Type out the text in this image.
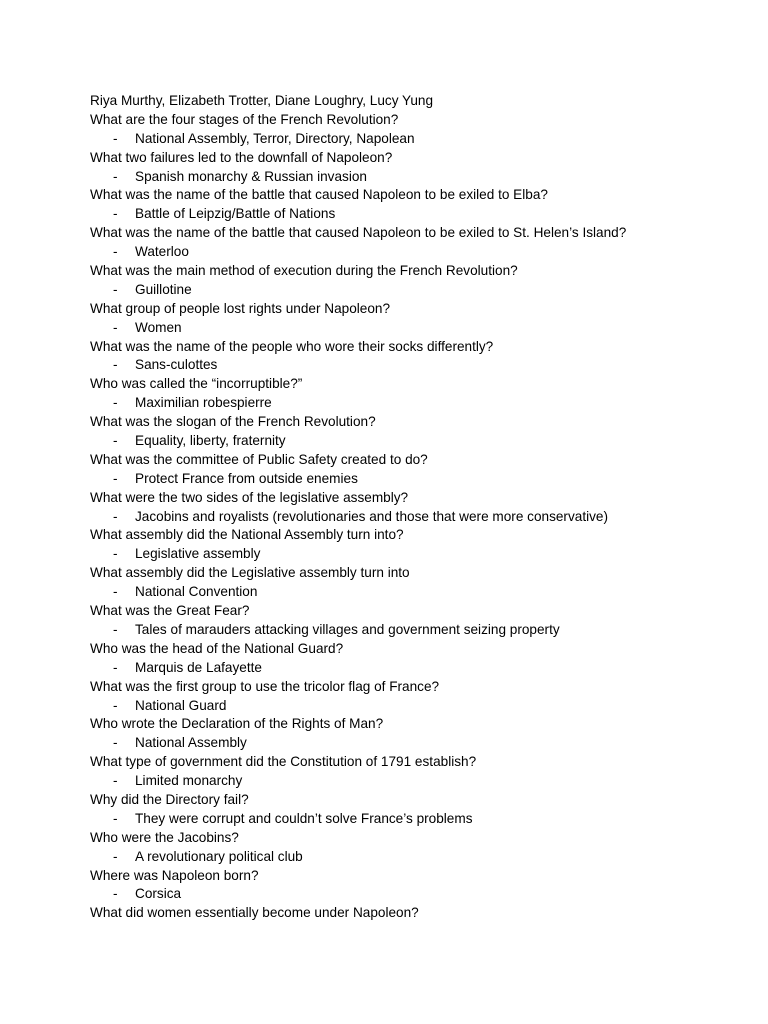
Riya Murthy, Elizabeth Trotter, Diane Loughry, Lucy Yung
What are the four stages of the French Revolution?
- National Assembly, Terror, Directory, Napolean
What two failures led to the downfall of Napoleon?
- Spanish monarchy & Russian invasion
What was the name of the battle that caused Napoleon to be exiled to Elba?
- Battle of Leipzig/Battle of Nations
What was the name of the battle that caused Napoleon to be exiled to St. Helen’s Island?
- Waterloo
What was the main method of execution during the French Revolution?
- Guillotine
What group of people lost rights under Napoleon?
- Women
What was the name of the people who wore their socks differently?
- Sans-culottes
Who was called the “incorruptible?”
- Maximilian robespierre
What was the slogan of the French Revolution?
- Equality, liberty, fraternity
What was the committee of Public Safety created to do?
- Protect France from outside enemies
What were the two sides of the legislative assembly?
- Jacobins and royalists (revolutionaries and those that were more conservative)
What assembly did the National Assembly turn into?
- Legislative assembly
What assembly did the Legislative assembly turn into
- National Convention
What was the Great Fear?
- Tales of marauders attacking villages and government seizing property
Who was the head of the National Guard?
- Marquis de Lafayette
What was the first group to use the tricolor flag of France?
- National Guard
Who wrote the Declaration of the Rights of Man?
- National Assembly
What type of government did the Constitution of 1791 establish?
- Limited monarchy
Why did the Directory fail?
- They were corrupt and couldn’t solve France’s problems
Who were the Jacobins?
- A revolutionary political club
Where was Napoleon born?
- Corsica
What did women essentially become under Napoleon?
